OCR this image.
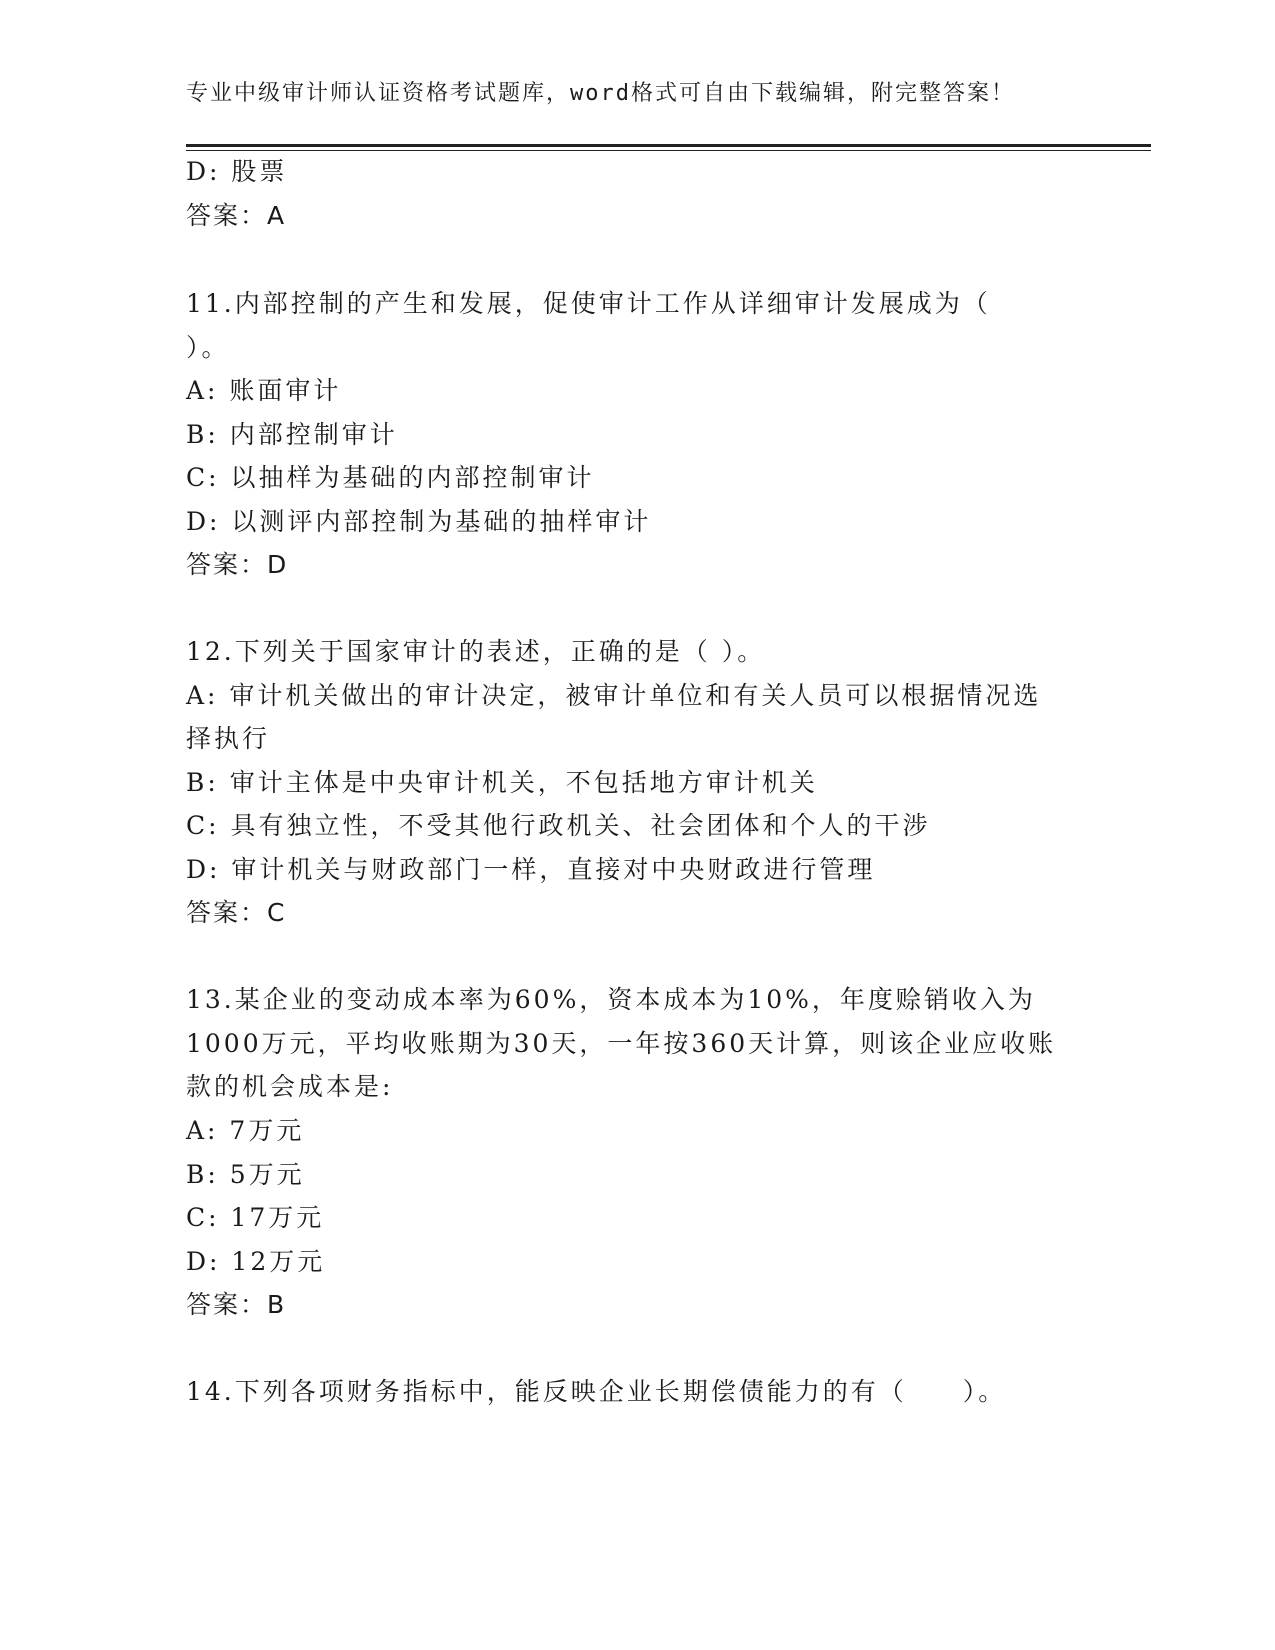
专业中级审计师认证资格考试题库，word格式可自由下载编辑，附完整答案！
D: 股票
答案：A
11.内部控制的产生和发展，促使审计工作从详细审计发展成为（
）。
A: 账面审计
B: 内部控制审计
C: 以抽样为基础的内部控制审计
D: 以测评内部控制为基础的抽样审计
答案：D
12.下列关于国家审计的表述，正确的是（ ）。
A: 审计机关做出的审计决定，被审计单位和有关人员可以根据情况选
择执行
B: 审计主体是中央审计机关，不包括地方审计机关
C: 具有独立性，不受其他行政机关、社会团体和个人的干涉
D: 审计机关与财政部门一样，直接对中央财政进行管理
答案：C
13.某企业的变动成本率为60%，资本成本为10%，年度赊销收入为
1000万元，平均收账期为30天，一年按360天计算，则该企业应收账
款的机会成本是:
A: 7万元
B: 5万元
C: 17万元
D: 12万元
答案：B
14.下列各项财务指标中，能反映企业长期偿债能力的有（　　）。
